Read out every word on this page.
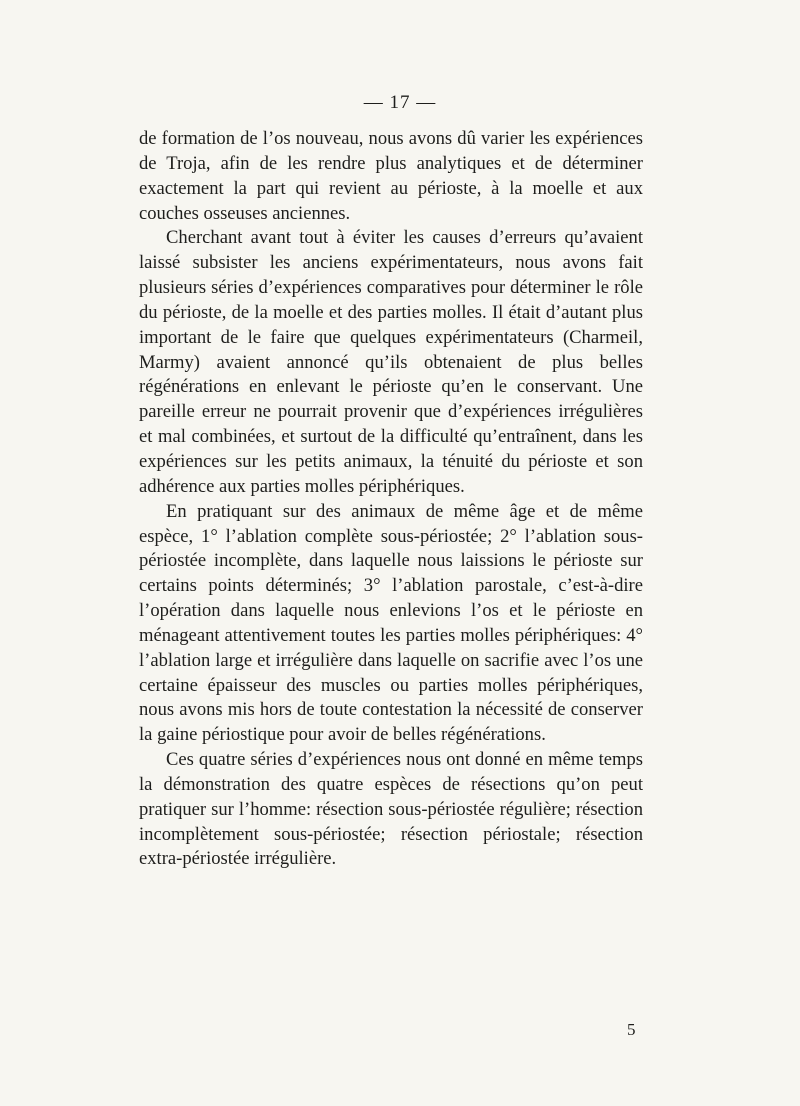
— 17 —

de formation de l’os nouveau, nous avons dû varier les expériences de Troja, afin de les rendre plus analytiques et de déterminer exactement la part qui revient au périoste, à la moelle et aux couches osseuses anciennes.

Cherchant avant tout à éviter les causes d’erreurs qu’avaient laissé subsister les anciens expérimentateurs, nous avons fait plusieurs séries d’expériences comparatives pour déterminer le rôle du périoste, de la moelle et des parties molles. Il était d’autant plus important de le faire que quelques expérimentateurs (Charmeil, Marmy) avaient annoncé qu’ils obtenaient de plus belles régénérations en enlevant le périoste qu’en le conservant. Une pareille erreur ne pourrait provenir que d’expériences irrégulières et mal combinées, et surtout de la difficulté qu’entraînent, dans les expériences sur les petits animaux, la ténuité du périoste et son adhérence aux parties molles périphériques.

En pratiquant sur des animaux de même âge et de même espèce, 1° l’ablation complète sous-périostée; 2° l’ablation sous-périostée incomplète, dans laquelle nous laissions le périoste sur certains points déterminés; 3° l’ablation parostale, c’est-à-dire l’opération dans laquelle nous enlevions l’os et le périoste en ménageant attentivement toutes les parties molles périphériques: 4° l’ablation large et irrégulière dans laquelle on sacrifie avec l’os une certaine épaisseur des muscles ou parties molles périphériques, nous avons mis hors de toute contestation la nécessité de conserver la gaine périostique pour avoir de belles régénérations.

Ces quatre séries d’expériences nous ont donné en même temps la démonstration des quatre espèces de résections qu’on peut pratiquer sur l’homme: résection sous-périostée régulière; résection incomplètement sous-périostée; résection périostale; résection extra-périostée irrégulière.

5
